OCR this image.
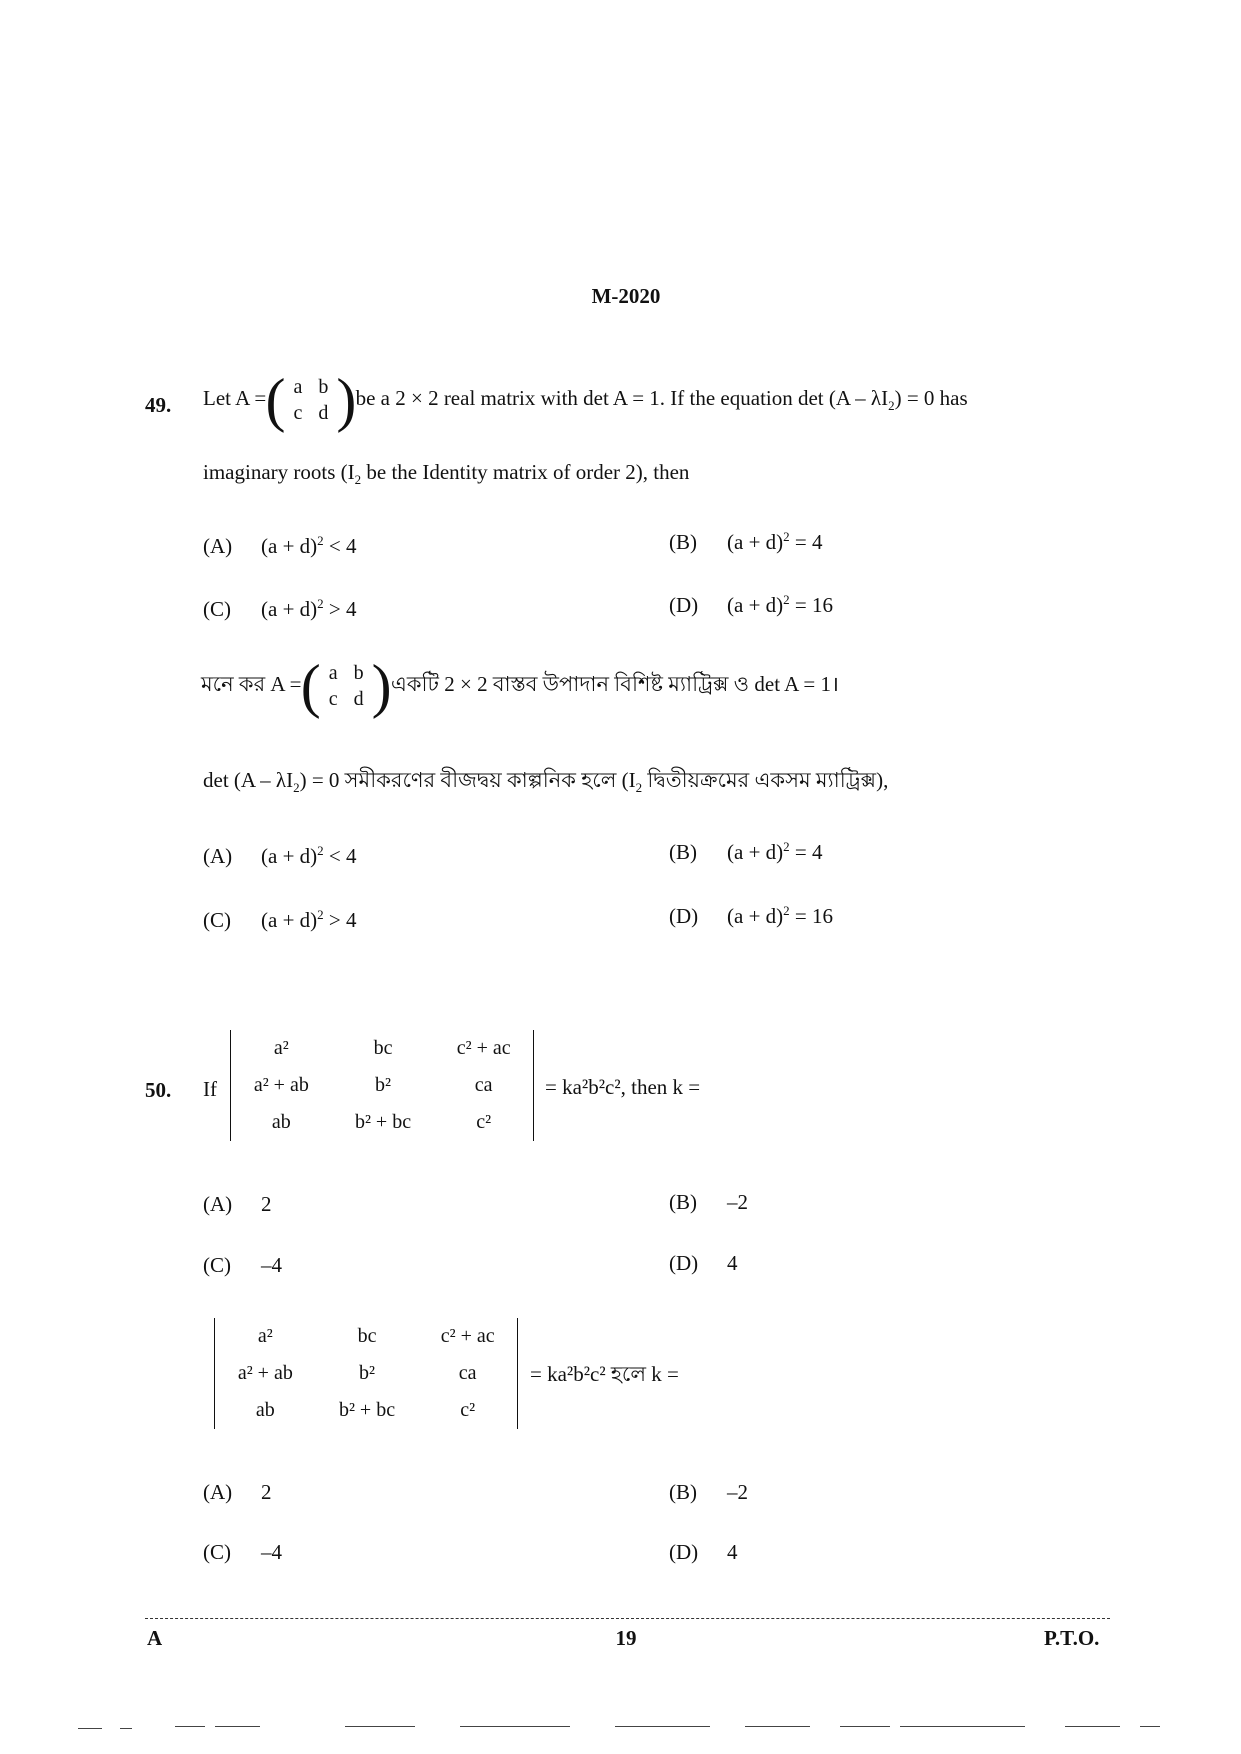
M-2020
49. Let A = ( a	b
c	d ) be a 2 × 2 real matrix with det A = 1. If the equation $\det (A - \lambda I_2) = 0$ has
imaginary roots ($I_2$ be the Identity matrix of order 2), then
(A) $(a + d)^2 < 4$	(B) $(a + d)^2 = 4$
(C) $(a + d)^2 > 4$	(D) $(a + d)^2 = 16$
মনে কর A = ( a	b
c	d ) একটি 2 × 2 বাস্তব উপাদান বিশিষ্ট ম্যাট্রিক্স ও det A = 1।
$\det (A - \lambda I_2) = 0$ সমীকরণের বীজদ্বয় কাল্পনিক হলে ($I_2$ দ্বিতীয়ক্রমের একসম ম্যাট্রিক্স),
(A) $(a + d)^2 < 4$	(B) $(a + d)^2 = 4$
(C) $(a + d)^2 > 4$	(D) $(a + d)^2 = 16$
50. If
a²	bc	c² + ac
a² + ab	b²	ca
ab	b² + bc	c²
= ka²b²c², then k =
(A) 2	(B) –2
(C) –4	(D) 4
a²	bc	c² + ac
a² + ab	b²	ca
ab	b² + bc	c²
= ka²b²c² হলে k =
(A) 2	(B) –2
(C) –4	(D) 4
A	19	P.T.O.
